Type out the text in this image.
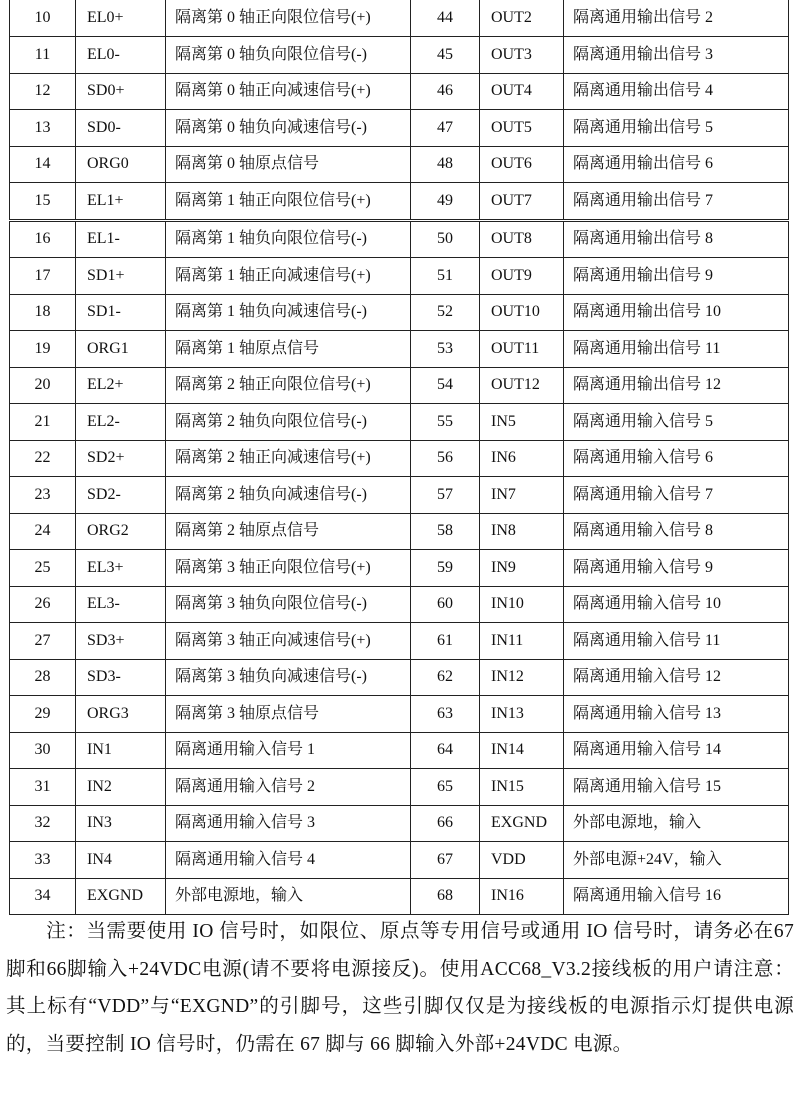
10	EL0+	隔离第 0 轴正向限位信号(+)	44	OUT2	隔离通用输出信号 2
11	EL0-	隔离第 0 轴负向限位信号(-)	45	OUT3	隔离通用输出信号 3
12	SD0+	隔离第 0 轴正向减速信号(+)	46	OUT4	隔离通用输出信号 4
13	SD0-	隔离第 0 轴负向减速信号(-)	47	OUT5	隔离通用输出信号 5
14	ORG0	隔离第 0 轴原点信号	48	OUT6	隔离通用输出信号 6
15	EL1+	隔离第 1 轴正向限位信号(+)	49	OUT7	隔离通用输出信号 7
16	EL1-	隔离第 1 轴负向限位信号(-)	50	OUT8	隔离通用输出信号 8
17	SD1+	隔离第 1 轴正向减速信号(+)	51	OUT9	隔离通用输出信号 9
18	SD1-	隔离第 1 轴负向减速信号(-)	52	OUT10	隔离通用输出信号 10
19	ORG1	隔离第 1 轴原点信号	53	OUT11	隔离通用输出信号 11
20	EL2+	隔离第 2 轴正向限位信号(+)	54	OUT12	隔离通用输出信号 12
21	EL2-	隔离第 2 轴负向限位信号(-)	55	IN5	隔离通用输入信号 5
22	SD2+	隔离第 2 轴正向减速信号(+)	56	IN6	隔离通用输入信号 6
23	SD2-	隔离第 2 轴负向减速信号(-)	57	IN7	隔离通用输入信号 7
24	ORG2	隔离第 2 轴原点信号	58	IN8	隔离通用输入信号 8
25	EL3+	隔离第 3 轴正向限位信号(+)	59	IN9	隔离通用输入信号 9
26	EL3-	隔离第 3 轴负向限位信号(-)	60	IN10	隔离通用输入信号 10
27	SD3+	隔离第 3 轴正向减速信号(+)	61	IN11	隔离通用输入信号 11
28	SD3-	隔离第 3 轴负向减速信号(-)	62	IN12	隔离通用输入信号 12
29	ORG3	隔离第 3 轴原点信号	63	IN13	隔离通用输入信号 13
30	IN1	隔离通用输入信号 1	64	IN14	隔离通用输入信号 14
31	IN2	隔离通用输入信号 2	65	IN15	隔离通用输入信号 15
32	IN3	隔离通用输入信号 3	66	EXGND	外部电源地，输入
33	IN4	隔离通用输入信号 4	67	VDD	外部电源+24V，输入
34	EXGND	外部电源地，输入	68	IN16	隔离通用输入信号 16

　　注：当需要使用 IO 信号时，如限位、原点等专用信号或通用 IO 信号时，请务必在67脚和66脚输入+24VDC电源(请不要将电源接反)。使用ACC68_V3.2接线板的用户请注意：其上标有“VDD”与“EXGND”的引脚号，这些引脚仅仅是为接线板的电源指示灯提供电源的，当要控制 IO 信号时，仍需在 67 脚与 66 脚输入外部+24VDC 电源。
